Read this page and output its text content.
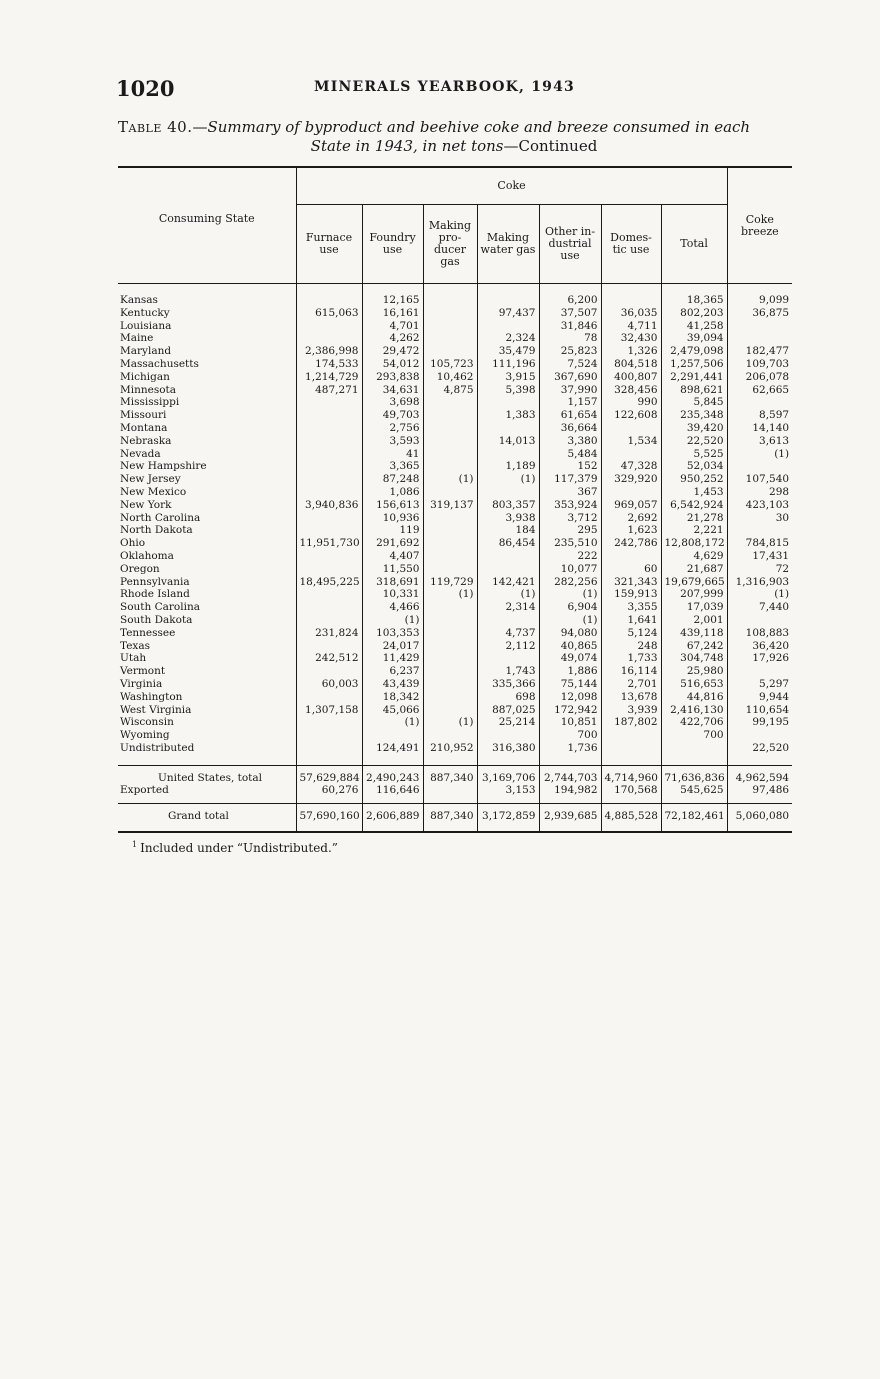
1020	MINERALS YEARBOOK, 1943
Table 40.—Summary of byproduct and beehive coke and breeze consumed in each
State in 1943, in net tons—Continued
Consuming State	Coke							Coke breeze
	Furnace use	Foundry use	Making pro- ducer gas	Making water gas	Other in- dustrial use	Domes- tic use	Total	
Kansas		12,165			6,200		18,365	9,099
Kentucky	615,063	16,161		97,437	37,507	36,035	802,203	36,875
Louisiana		4,701			31,846	4,711	41,258	
Maine		4,262		2,324	78	32,430	39,094	
Maryland	2,386,998	29,472		35,479	25,823	1,326	2,479,098	182,477
Massachusetts	174,533	54,012	105,723	111,196	7,524	804,518	1,257,506	109,703
Michigan	1,214,729	293,838	10,462	3,915	367,690	400,807	2,291,441	206,078
Minnesota	487,271	34,631	4,875	5,398	37,990	328,456	898,621	62,665
Mississippi		3,698			1,157	990	5,845	
Missouri		49,703		1,383	61,654	122,608	235,348	8,597
Montana		2,756			36,664		39,420	14,140
Nebraska		3,593		14,013	3,380	1,534	22,520	3,613
Nevada		41			5,484		5,525	(1)
New Hampshire		3,365		1,189	152	47,328	52,034	
New Jersey		87,248	(1)	(1)	117,379	329,920	950,252	107,540
New Mexico		1,086			367		1,453	298
New York	3,940,836	156,613	319,137	803,357	353,924	969,057	6,542,924	423,103
North Carolina		10,936		3,938	3,712	2,692	21,278	30
North Dakota		119		184	295	1,623	2,221	
Ohio	11,951,730	291,692		86,454	235,510	242,786	12,808,172	784,815
Oklahoma		4,407			222		4,629	17,431
Oregon		11,550			10,077	60	21,687	72
Pennsylvania	18,495,225	318,691	119,729	142,421	282,256	321,343	19,679,665	1,316,903
Rhode Island		10,331	(1)	(1)	(1)	159,913	207,999	(1)
South Carolina		4,466		2,314	6,904	3,355	17,039	7,440
South Dakota		(1)			(1)	1,641	2,001	
Tennessee	231,824	103,353		4,737	94,080	5,124	439,118	108,883
Texas		24,017		2,112	40,865	248	67,242	36,420
Utah	242,512	11,429			49,074	1,733	304,748	17,926
Vermont		6,237		1,743	1,886	16,114	25,980	
Virginia	60,003	43,439		335,366	75,144	2,701	516,653	5,297
Washington		18,342		698	12,098	13,678	44,816	9,944
West Virginia	1,307,158	45,066		887,025	172,942	3,939	2,416,130	110,654
Wisconsin		(1)	(1)	25,214	10,851	187,802	422,706	99,195
Wyoming					700		700	
Undistributed		124,491	210,952	316,380	1,736			22,520
United States, total	57,629,884	2,490,243	887,340	3,169,706	2,744,703	4,714,960	71,636,836	4,962,594
Exported	60,276	116,646		3,153	194,982	170,568	545,625	97,486
Grand total	57,690,160	2,606,889	887,340	3,172,859	2,939,685	4,885,528	72,182,461	5,060,080
$^1$ Included under “Undistributed.”
